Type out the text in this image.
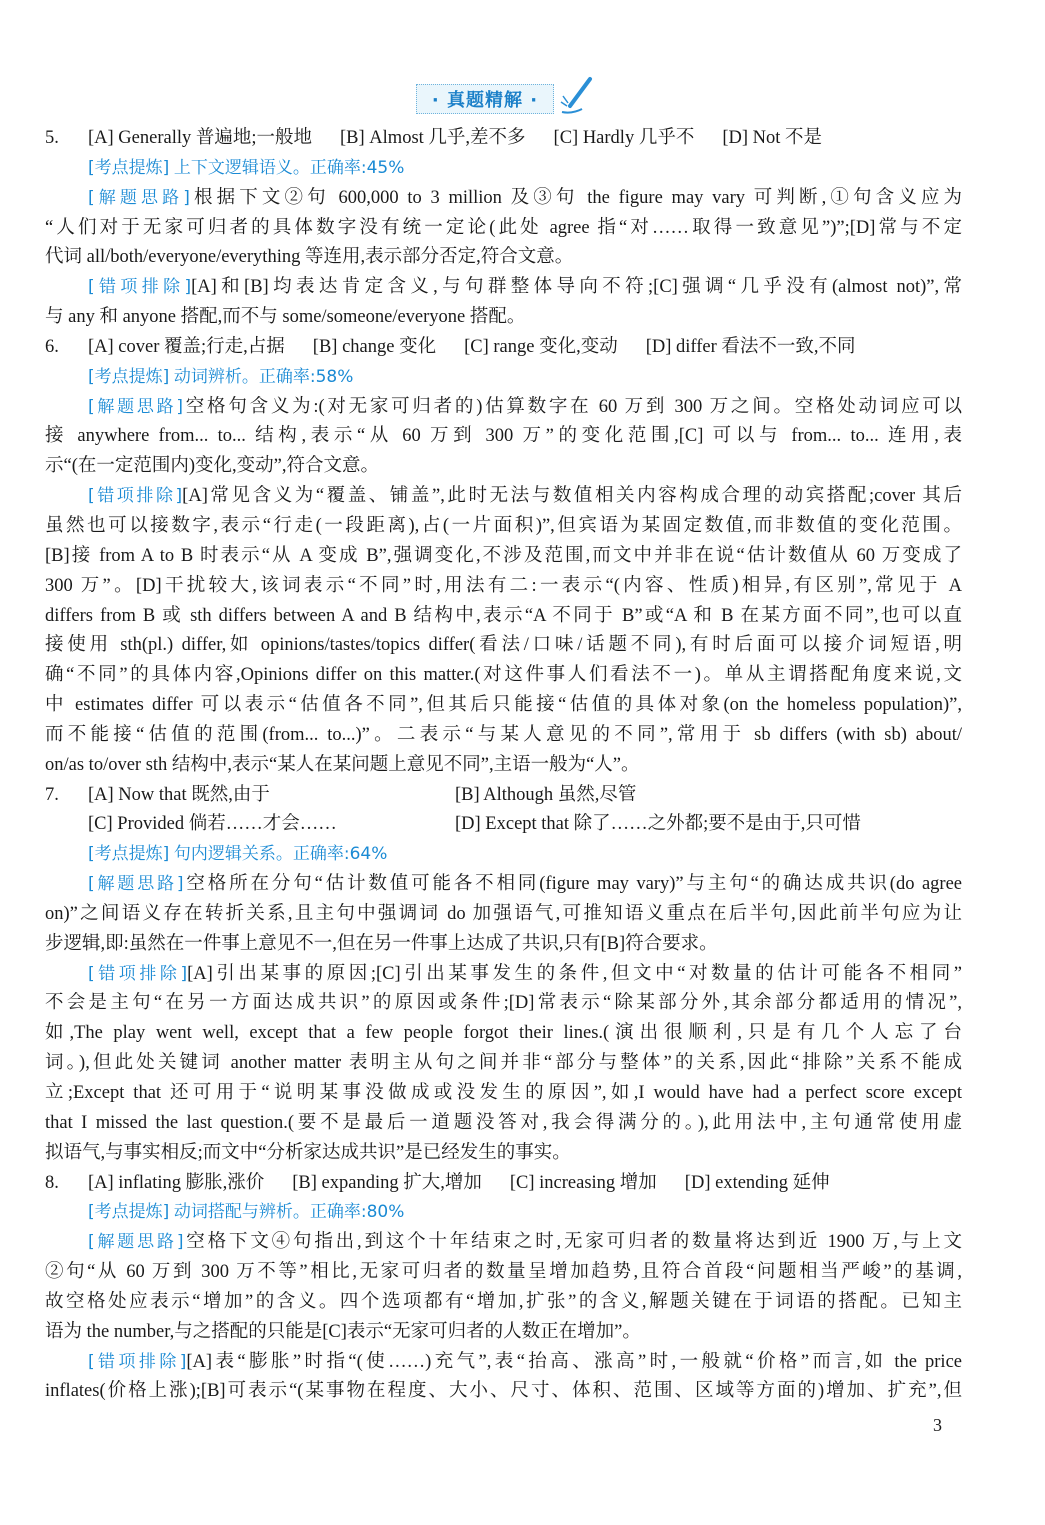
· 真题精解 ·
5. [A] Generally 普遍地;一般地 [B] Almost 几乎,差不多 [C] Hardly 几乎不 [D] Not 不是
[考点提炼] 上下文逻辑语义。正确率:45%
[解题思路]根据下文②句 600,000 to 3 million 及③句 the figure may vary 可判断,①句含义应为
“人们对于无家可归者的具体数字没有统一定论(此处 agree 指“对……取得一致意见”)”;[D]常与不定
代词 all/both/everyone/everything 等连用,表示部分否定,符合文意。
[错项排除][A]和[B]均表达肯定含义,与句群整体导向不符;[C]强调“几乎没有(almost not)”,常
与 any 和 anyone 搭配,而不与 some/someone/everyone 搭配。
6. [A] cover 覆盖;行走,占据 [B] change 变化 [C] range 变化,变动 [D] differ 看法不一致,不同
[考点提炼] 动词辨析。正确率:58%
[解题思路]空格句含义为:(对无家可归者的)估算数字在 60 万到 300 万之间。空格处动词应可以
接 anywhere from... to... 结构,表示“从 60 万到 300 万”的变化范围,[C] 可以与 from... to... 连用,表
示“(在一定范围内)变化,变动”,符合文意。
[错项排除][A]常见含义为“覆盖、铺盖”,此时无法与数值相关内容构成合理的动宾搭配;cover 其后
虽然也可以接数字,表示“行走(一段距离),占(一片面积)”,但宾语为某固定数值,而非数值的变化范围。
[B]接 from A to B 时表示“从 A 变成 B”,强调变化,不涉及范围,而文中并非在说“估计数值从 60 万变成了
300 万”。[D]干扰较大,该词表示“不同”时,用法有二:一表示“(内容、性质)相异,有区别”,常见于 A
differs from B 或 sth differs between A and B 结构中,表示“A 不同于 B”或“A 和 B 在某方面不同”,也可以直
接使用 sth(pl.) differ,如 opinions/tastes/topics differ(看法/口味/话题不同),有时后面可以接介词短语,明
确“不同”的具体内容,Opinions differ on this matter.(对这件事人们看法不一)。单从主谓搭配角度来说,文
中 estimates differ 可以表示“估值各不同”,但其后只能接“估值的具体对象(on the homeless population)”,
而不能接“估值的范围(from... to...)”。二表示“与某人意见的不同”,常用于 sb differs (with sb) about/
on/as to/over sth 结构中,表示“某人在某问题上意见不同”,主语一般为“人”。
7. [A] Now that 既然,由于	[B] Although 虽然,尽管
[C] Provided 倘若……才会……	[D] Except that 除了……之外都;要不是由于,只可惜
[考点提炼] 句内逻辑关系。正确率:64%
[解题思路]空格所在分句“估计数值可能各不相同(figure may vary)”与主句“的确达成共识(do agree
on)”之间语义存在转折关系,且主句中强调词 do 加强语气,可推知语义重点在后半句,因此前半句应为让
步逻辑,即:虽然在一件事上意见不一,但在另一件事上达成了共识,只有[B]符合要求。
[错项排除][A]引出某事的原因;[C]引出某事发生的条件,但文中“对数量的估计可能各不相同”
不会是主句“在另一方面达成共识”的原因或条件;[D]常表示“除某部分外,其余部分都适用的情况”,
如,The play went well, except that a few people forgot their lines.(演出很顺利,只是有几个人忘了台
词。),但此处关键词 another matter 表明主从句之间并非“部分与整体”的关系,因此“排除”关系不能成
立;Except that 还可用于“说明某事没做成或没发生的原因”,如,I would have had a perfect score except
that I missed the last question.(要不是最后一道题没答对,我会得满分的。),此用法中,主句通常使用虚
拟语气,与事实相反;而文中“分析家达成共识”是已经发生的事实。
8. [A] inflating 膨胀,涨价 [B] expanding 扩大,增加 [C] increasing 增加 [D] extending 延伸
[考点提炼] 动词搭配与辨析。正确率:80%
[解题思路]空格下文④句指出,到这个十年结束之时,无家可归者的数量将达到近 1900 万,与上文
②句“从 60 万到 300 万不等”相比,无家可归者的数量呈增加趋势,且符合首段“问题相当严峻”的基调,
故空格处应表示“增加”的含义。四个选项都有“增加,扩张”的含义,解题关键在于词语的搭配。已知主
语为 the number,与之搭配的只能是[C]表示“无家可归者的人数正在增加”。
[错项排除][A]表“膨胀”时指“(使……)充气”,表“抬高、涨高”时,一般就“价格”而言,如 the price
inflates(价格上涨);[B]可表示“(某事物在程度、大小、尺寸、体积、范围、区域等方面的)增加、扩充”,但
3
